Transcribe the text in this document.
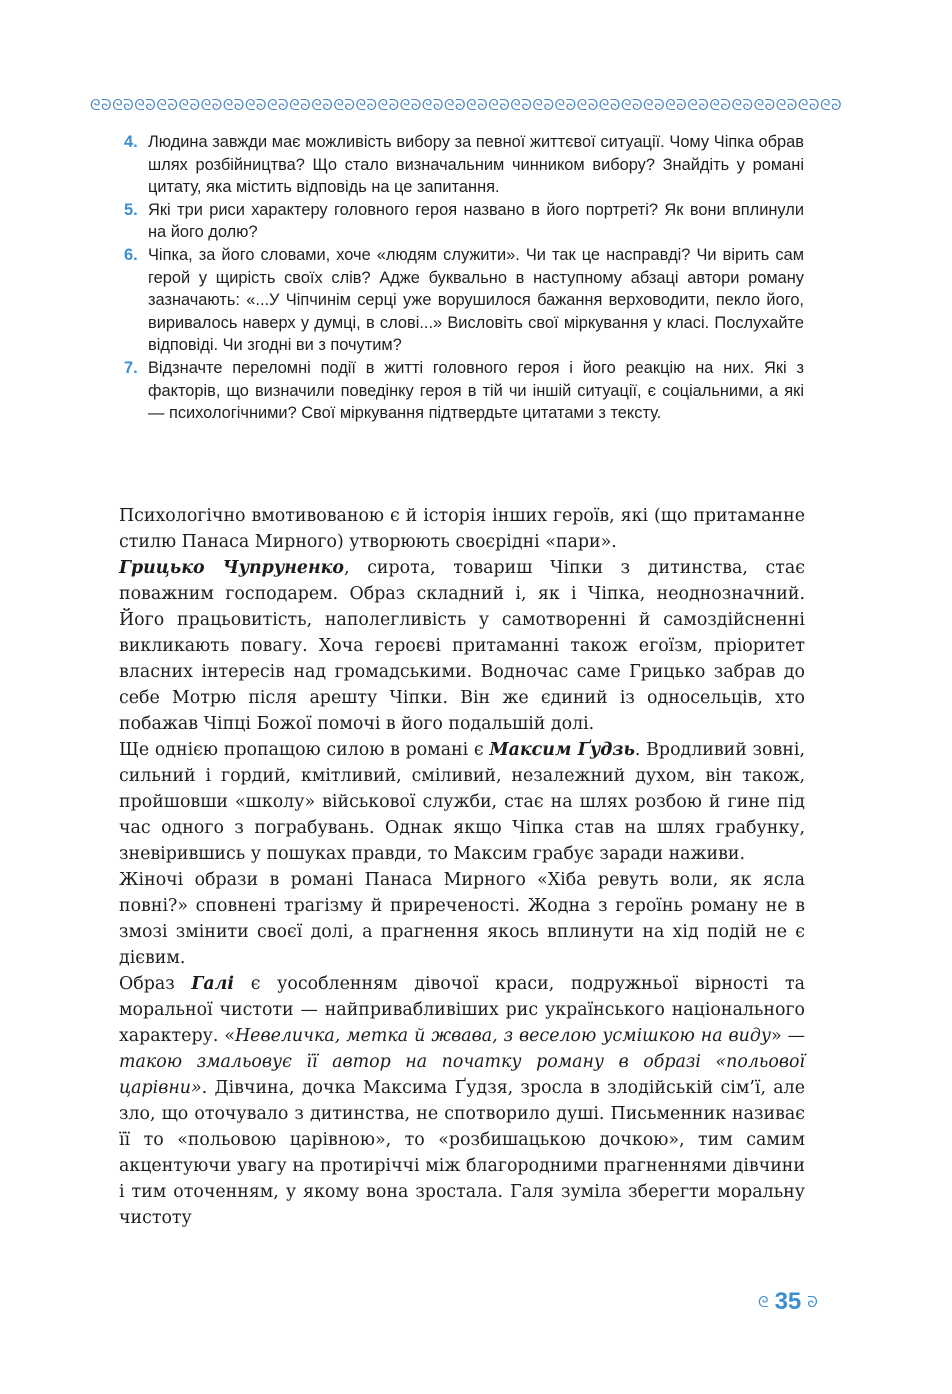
ᘓᘐᘓᘐᘓᘐᘓᘐᘓᘐᘓᘐᘓᘐᘓᘐᘓᘐᘓᘐᘓᘐᘓᘐᘓᘐᘓᘐᘓᘐᘓᘐᘓᘐᘓᘐᘓᘐᘓᘐᘓᘐᘓᘐᘓᘐᘓᘐᘓᘐᘓᘐᘓᘐᘓᘐᘓᘐᘓᘐᘓᘐᘓᘐᘓᘐᘓᘐ
4. Людина завжди має можливість вибору за певної життєвої ситуації. Чому Чіпка обрав шлях розбійництва? Що стало визначальним чинником вибору? Знайдіть у романі цитату, яка містить відповідь на це запитання.
5. Які три риси характеру головного героя названо в його портреті? Як вони вплинули на його долю?
6. Чіпка, за його словами, хоче «людям служити». Чи так це насправді? Чи вірить сам герой у щирість своїх слів? Адже буквально в наступному абзаці автори роману зазначають: «...У Чіпчинім серці уже ворушилося бажання верховодити, пекло його, виривалось наверх у думці, в слові...» Висловіть свої міркування у класі. Послухайте відповіді. Чи згодні ви з почутим?
7. Відзначте переломні події в житті головного героя і його реакцію на них. Які з факторів, що визначили поведінку героя в тій чи іншій ситуації, є соціальними, а які — психологічними? Свої міркування підтвердьте цитатами з тексту.

Психологічно вмотивованою є й історія інших героїв, які (що притаманне стилю Панаса Мирного) утворюють своєрідні «пари».

Грицько Чупруненко, сирота, товариш Чіпки з дитинства, стає поважним господарем. Образ складний і, як і Чіпка, неоднозначний. Його працьовитість, наполегливість у самотворенні й самоздійсненні викликають повагу. Хоча героєві притаманні також егоїзм, пріоритет власних інтересів над громадськими. Водночас саме Грицько забрав до себе Мотрю після арешту Чіпки. Він же єдиний із односельців, хто побажав Чіпці Божої помочі в його подальшій долі.

Ще однією пропащою силою в романі є Максим Ґудзь. Вродливий зовні, сильний і гордий, кмітливий, сміливий, незалежний духом, він також, пройшовши «школу» військової служби, стає на шлях розбою й гине під час одного з пограбувань. Однак якщо Чіпка став на шлях грабунку, зневірившись у пошуках правди, то Максим грабує заради наживи.

Жіночі образи в романі Панаса Мирного «Хіба ревуть воли, як ясла повні?» сповнені трагізму й приреченості. Жодна з героїнь роману не в змозі змінити своєї долі, а прагнення якось вплинути на хід подій не є дієвим.

Образ Галі є уособленням дівочої краси, подружньої вірності та моральної чистоти — найпривабливіших рис українського національного характеру. «Невеличка, метка й жвава, з веселою усмішкою на виду» — такою змальовує її автор на початку роману в образі «польової царівни». Дівчина, дочка Максима Ґудзя, зросла в злодійській сім’ї, але зло, що оточувало з дитинства, не спотворило душі. Письменник називає її то «польовою царівною», то «розбишацькою дочкою», тим самим акцентуючи увагу на протиріччі між благородними прагненнями дівчини і тим оточенням, у якому вона зростала. Галя зуміла зберегти моральну чистоту

ᘓ 35 ᘐ
